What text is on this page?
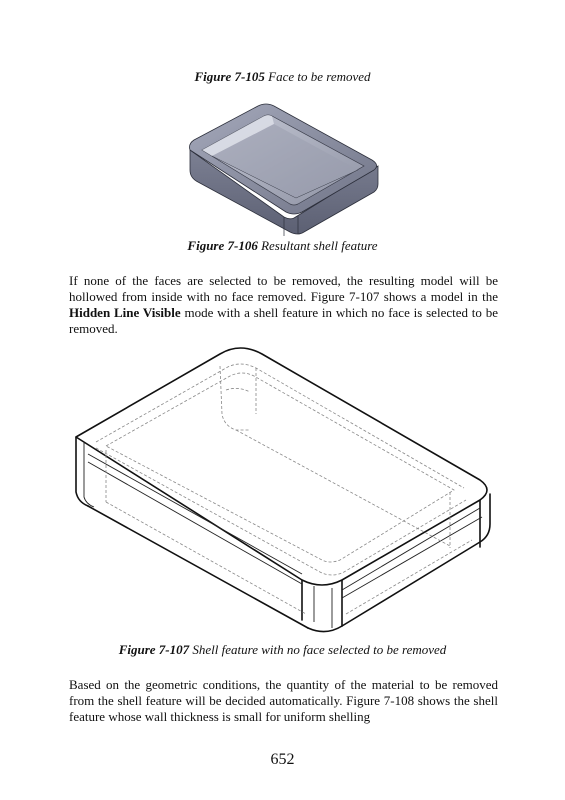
Figure 7-105 Face to be removed
Figure 7-106 Resultant shell feature
If none of the faces are selected to be removed, the resulting model will be hollowed from inside with no face removed. Figure 7-107 shows a model in the Hidden Line Visible mode with a shell feature in which no face is selected to be removed.
Figure 7-107 Shell feature with no face selected to be removed
Based on the geometric conditions, the quantity of the material to be removed from the shell feature will be decided automatically. Figure 7-108 shows the shell feature whose wall thickness is small for uniform shelling
652
